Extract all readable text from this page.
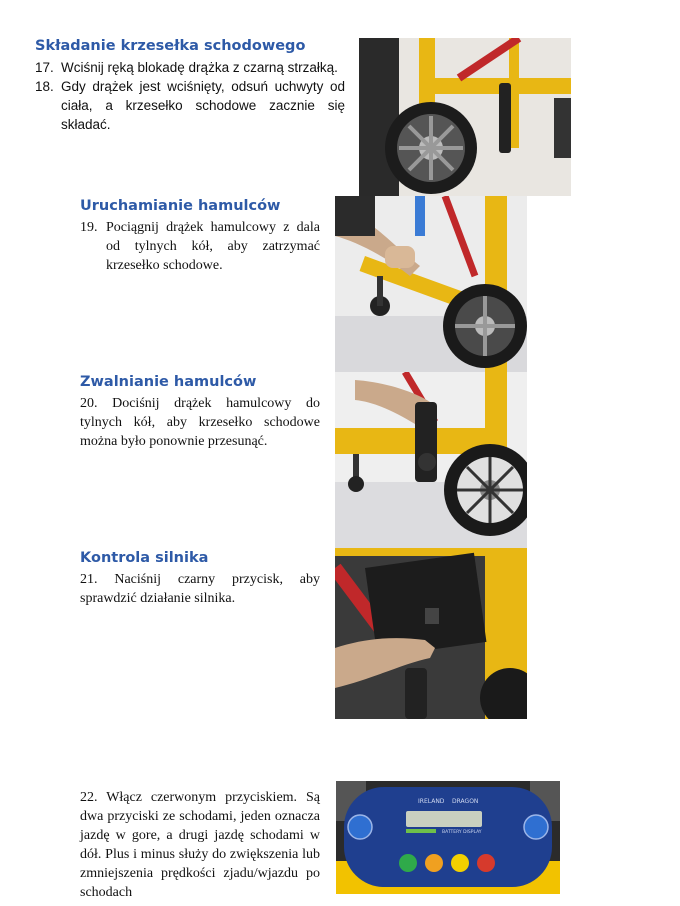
Składanie krzesełka schodowego
17. Wciśnij ręką blokadę drążka z czarną strzałką.
18. Gdy drążek jest wciśnięty, odsuń uchwyty od ciała, a krzesełko schodowe zacznie się składać.
Uruchamianie hamulców
19. Pociągnij drążek hamulcowy z dala od tylnych kół, aby zatrzymać krzesełko schodowe.
Zwalnianie hamulców
20. Dociśnij drążek hamulcowy do tylnych kół, aby krzesełko schodowe można było ponownie przesunąć.
Kontrola silnika
21. Naciśnij czarny przycisk, aby sprawdzić działanie silnika.
22. Włącz czerwonym przyciskiem. Są dwa przyciski ze schodami, jeden oznacza jazdę w gore, a drugi jazdę schodami w dół. Plus i minus służy do zwiększenia lub zmniejszenia prędkości zjadu/wjazdu po schodach
IRELAND DRAGON
BATTERY DISPLAY
